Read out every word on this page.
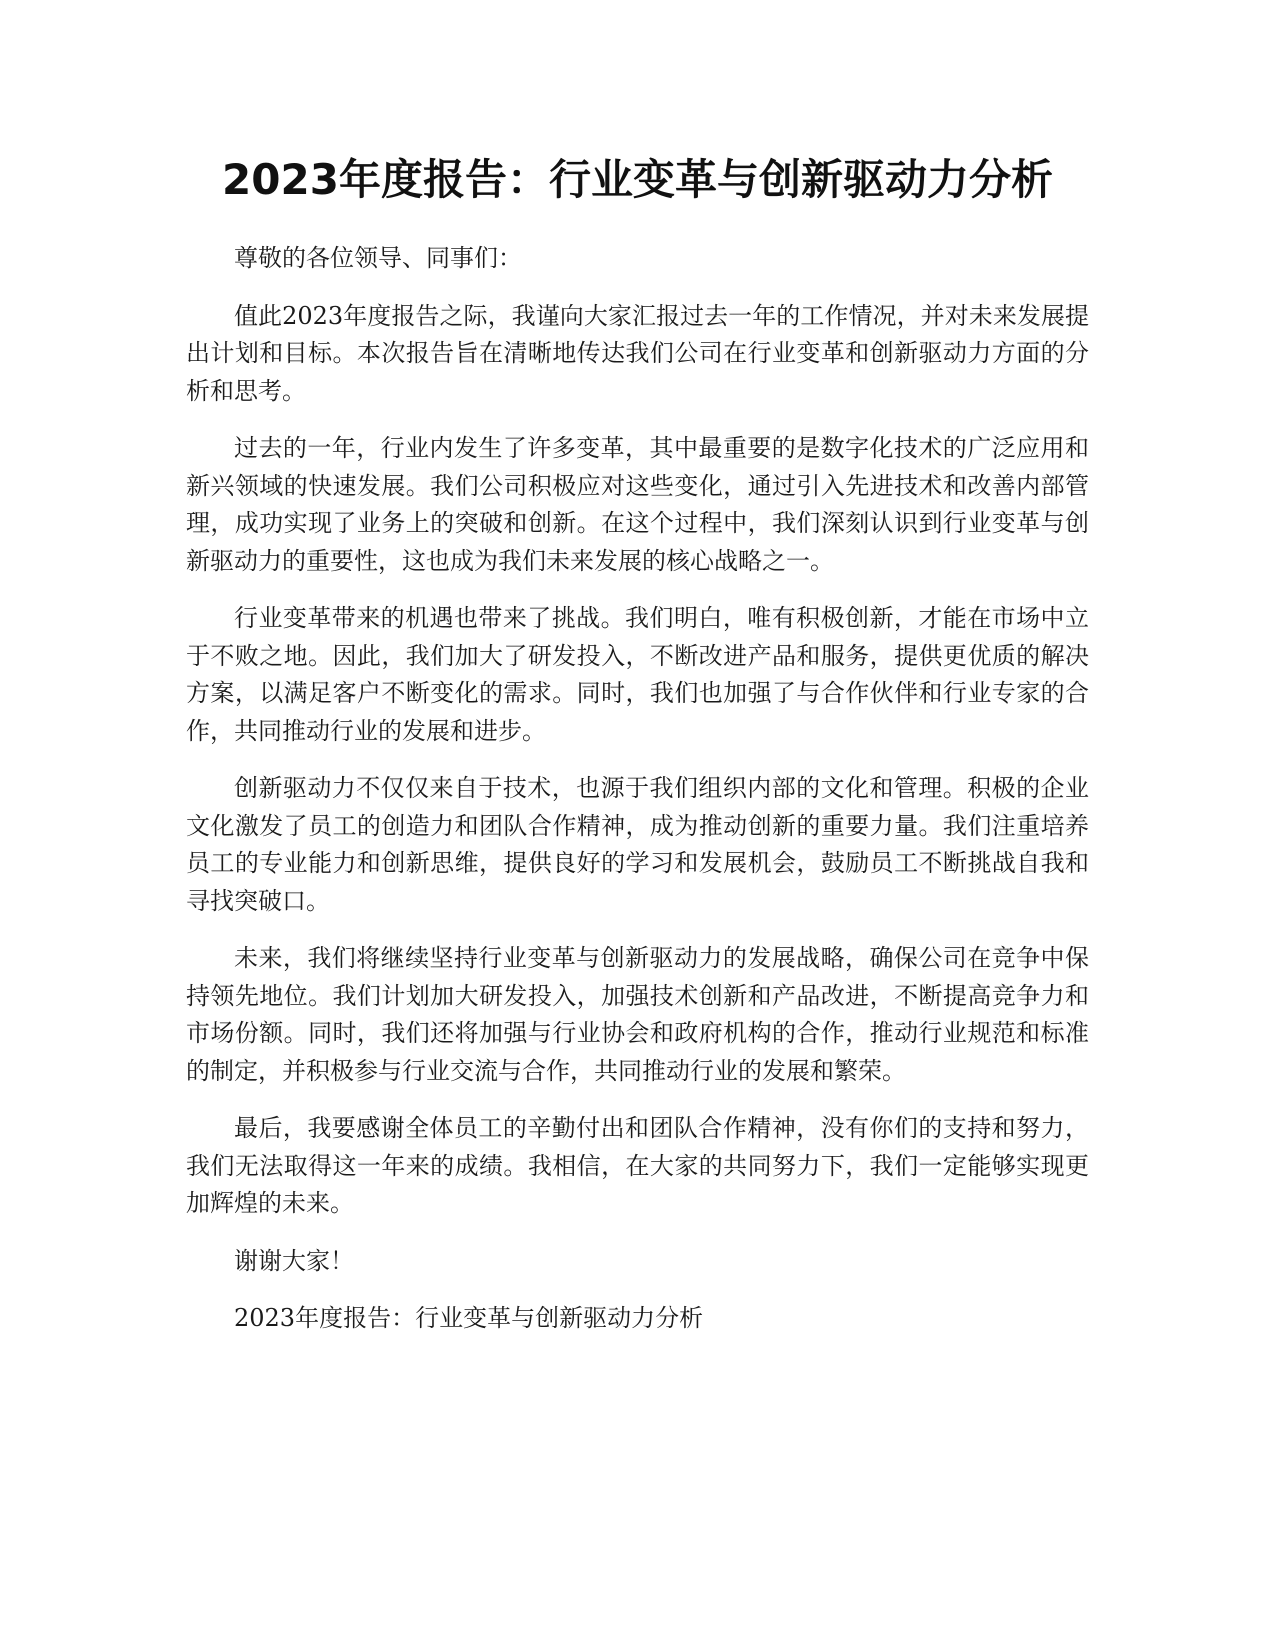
2023年度报告：行业变革与创新驱动力分析

尊敬的各位领导、同事们：

值此2023年度报告之际，我谨向大家汇报过去一年的工作情况，并对未来发展提出计划和目标。本次报告旨在清晰地传达我们公司在行业变革和创新驱动力方面的分析和思考。

过去的一年，行业内发生了许多变革，其中最重要的是数字化技术的广泛应用和新兴领域的快速发展。我们公司积极应对这些变化，通过引入先进技术和改善内部管理，成功实现了业务上的突破和创新。在这个过程中，我们深刻认识到行业变革与创新驱动力的重要性，这也成为我们未来发展的核心战略之一。

行业变革带来的机遇也带来了挑战。我们明白，唯有积极创新，才能在市场中立于不败之地。因此，我们加大了研发投入，不断改进产品和服务，提供更优质的解决方案，以满足客户不断变化的需求。同时，我们也加强了与合作伙伴和行业专家的合作，共同推动行业的发展和进步。

创新驱动力不仅仅来自于技术，也源于我们组织内部的文化和管理。积极的企业文化激发了员工的创造力和团队合作精神，成为推动创新的重要力量。我们注重培养员工的专业能力和创新思维，提供良好的学习和发展机会，鼓励员工不断挑战自我和寻找突破口。

未来，我们将继续坚持行业变革与创新驱动力的发展战略，确保公司在竞争中保持领先地位。我们计划加大研发投入，加强技术创新和产品改进，不断提高竞争力和市场份额。同时，我们还将加强与行业协会和政府机构的合作，推动行业规范和标准的制定，并积极参与行业交流与合作，共同推动行业的发展和繁荣。

最后，我要感谢全体员工的辛勤付出和团队合作精神，没有你们的支持和努力，我们无法取得这一年来的成绩。我相信，在大家的共同努力下，我们一定能够实现更加辉煌的未来。

谢谢大家！

2023年度报告：行业变革与创新驱动力分析
